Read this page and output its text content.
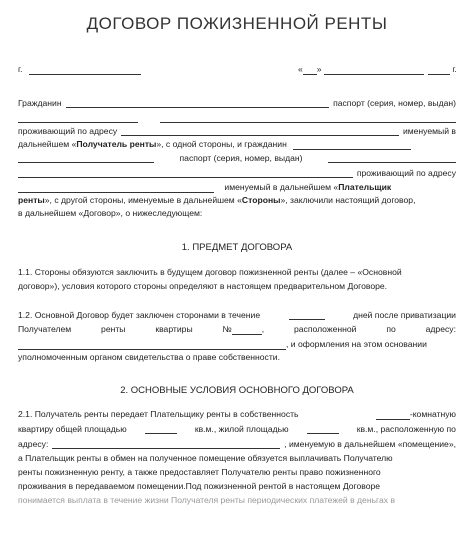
ДОГОВОР ПОЖИЗНЕННОЙ РЕНТЫ
г.	« »	г.
Гражданин	паспорт (серия, номер, выдан)
проживающий по адресу	именуемый в
дальнейшем «Получатель ренты», с одной стороны, и гражданин
паспорт (серия, номер, выдан)
проживающий по адресу
именуемый в дальнейшем «Плательщик
ренты», с другой стороны, именуемые в дальнейшем «Стороны», заключили настоящий договор,
в дальнейшем «Договор», о нижеследующем:
1. ПРЕДМЕТ ДОГОВОРА
1.1. Стороны обязуются заключить в будущем договор пожизненной ренты (далее – «Основной
договор»), условия которого стороны определяют в настоящем предварительном Договоре.
1.2. Основной Договор будет заключен сторонами в течение	дней после приватизации
Получателем	ренты	квартиры	№	,	расположенной	по	адресу:
, и оформления на этом основании
уполномоченным органом свидетельства о праве собственности.
2. ОСНОВНЫЕ УСЛОВИЯ ОСНОВНОГО ДОГОВОРА
2.1. Получатель ренты передает Плательщику ренты в собственность	-комнатную
квартиру общей площадью	кв.м., жилой площадью	кв.м., расположенную по
адресу:	, именуемую в дальнейшем «помещение»,
а Плательщик ренты в обмен на полученное помещение обязуется выплачивать Получателю
ренты пожизненную ренту, а также предоставляет Получателю ренты право пожизненного
проживания в передаваемом помещении.Под пожизненной рентой в настоящем Договоре
понимается выплата в течение жизни Получателя ренты периодических платежей в деньгах в
